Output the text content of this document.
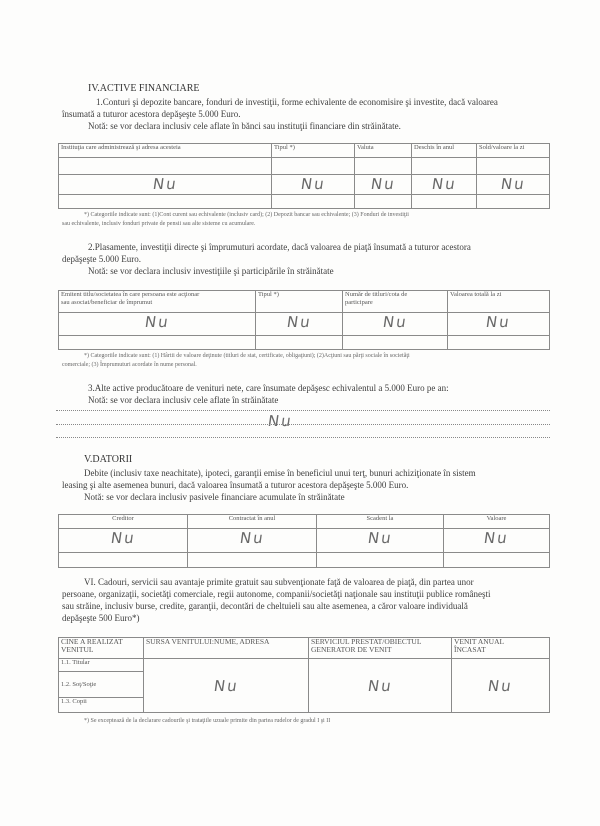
IV.ACTIVE FINANCIARE
1.Conturi şi depozite bancare, fonduri de investiţii, forme echivalente de economisire şi investite, dacă valoarea
însumată a tuturor acestora depăşeşte 5.000 Euro.
Notă: se vor declara inclusiv cele aflate în bănci sau instituţii financiare din străinătate.
Instituţia care administrează şi adresa acesteia	Tipul *)	Valuta	Deschis în anul	Sold/valoare la zi

Nu	Nu	Nu	Nu	Nu

*) Categoriile indicate sunt: (1)Cont curent sau echivalente (inclusiv card); (2) Depozit bancar sau echivalente; (3) Fonduri de investiţii
sau echivalente, inclusiv fonduri private de pensii sau alte sisteme cu acumulare.
2.Plasamente, investiţii directe şi împrumuturi acordate, dacă valoarea de piaţă însumată a tuturor acestora
depăşeşte 5.000 Euro.
Notă: se vor declara inclusiv investiţiile şi participările în străinătate
Emitent titlu/societatea în care persoana este acţionar
sau asociat/beneficiar de împrumut	Tipul *)	Număr de titluri/cota de
participare	Valoarea totală la zi
Nu	Nu	Nu	Nu

*) Categoriile indicate sunt: (1) Hârtii de valoare deţinute (titluri de stat, certificate, obligaţiuni); (2)Acţiuni sau părţi sociale în societăţi
comerciale; (3) Împrumuturi acordate în nume personal.
3.Alte active producătoare de venituri nete, care însumate depăşesc echivalentul a 5.000 Euro pe an:
Notă: se vor declara inclusiv cele aflate în străinătate
Nu
V.DATORII
Debite (inclusiv taxe neachitate), ipoteci, garanţii emise în beneficiul unui terţ, bunuri achiziţionate în sistem
leasing şi alte asemenea bunuri, dacă valoarea însumată a tuturor acestora depăşeşte 5.000 Euro.
Notă: se vor declara inclusiv pasivele financiare acumulate în străinătate
Creditor	Contractat în anul	Scadent la	Valoare
Nu	Nu	Nu	Nu

VI. Cadouri, servicii sau avantaje primite gratuit sau subvenţionate faţă de valoarea de piaţă, din partea unor
persoane, organizaţii, societăţi comerciale, regii autonome, companii/societăţi naţionale sau instituţii publice româneşti
sau străine, inclusiv burse, credite, garanţii, decontări de cheltuieli sau alte asemenea, a căror valoare individuală
depăşeşte 500 Euro*)
CINE A REALIZAT
VENITUL	SURSA VENITULUI:NUME, ADRESA	SERVICIUL PRESTAT/OBIECTUL
GENERATOR DE VENIT	VENIT ANUAL
ÎNCASAT
1.1. Titular	Nu	Nu	Nu
1.2. Soţ/Soţie			
1.3. Copii			
*) Se exceptează de la declarare cadourile şi trataţiile uzuale primite din partea rudelor de gradul I şi II
